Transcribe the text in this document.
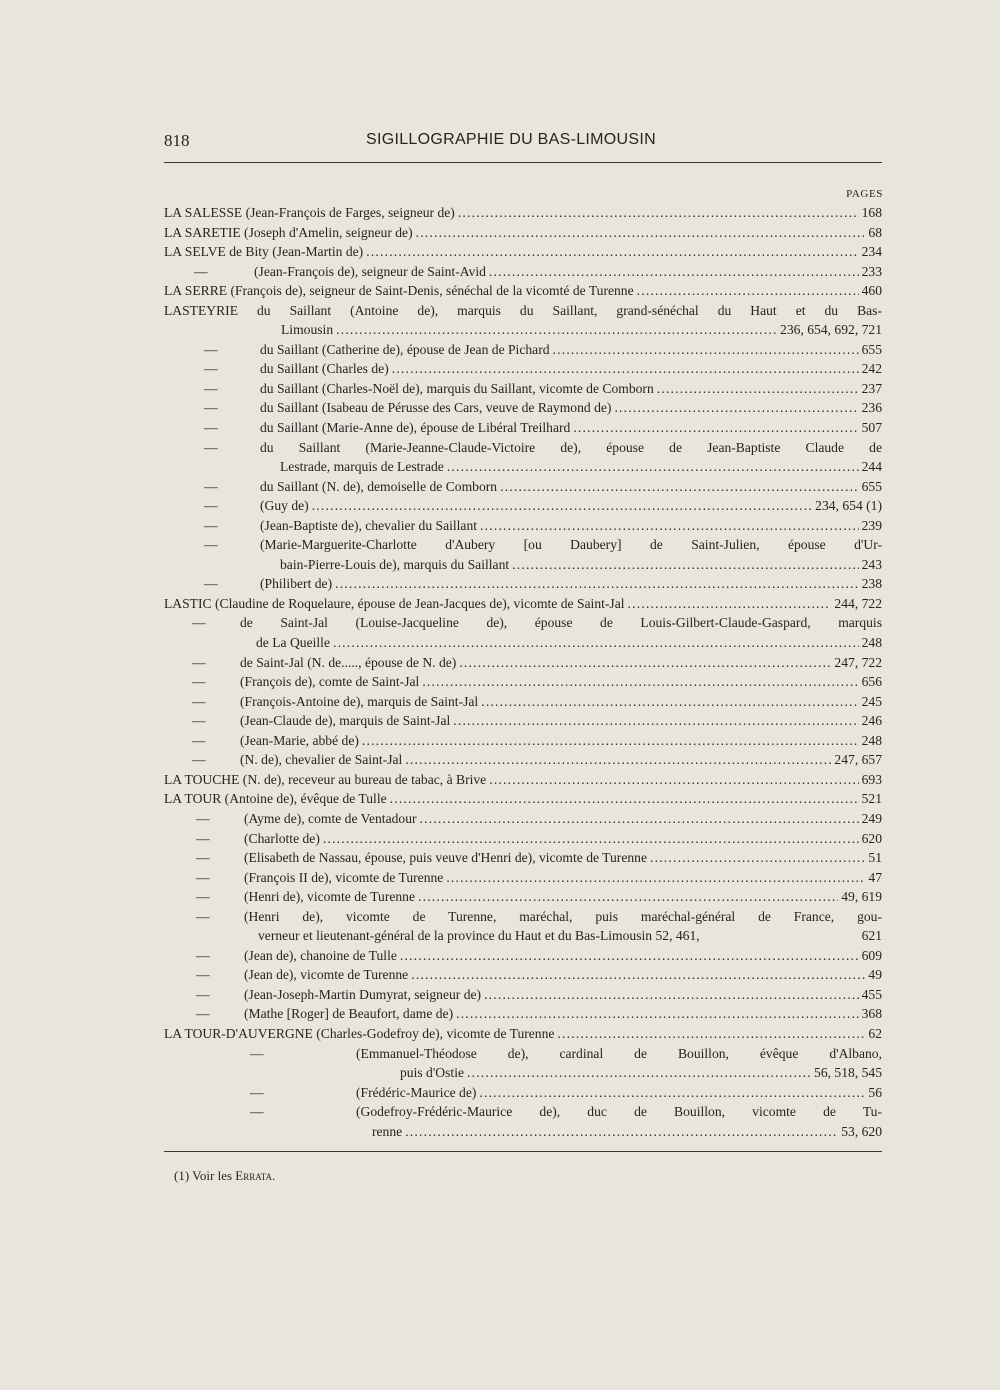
818	SIGILLOGRAPHIE DU BAS-LIMOUSIN
PAGES
LA SALESSE (Jean-François de Farges, seigneur de) .....	168
LA SARETIE (Joseph d'Amelin, seigneur de) .....	68
LA SELVE de Bity (Jean-Martin de) .....	234
—	(Jean-François de), seigneur de Saint-Avid .....	233
LA SERRE (François de), seigneur de Saint-Denis, sénéchal de la vicomté de Turenne .....	460
LASTEYRIE du Saillant (Antoine de), marquis du Saillant, grand-sénéchal du Haut et du Bas-
Limousin .....	236, 654, 692, 721
—	du Saillant (Catherine de), épouse de Jean de Pichard .....	655
—	du Saillant (Charles de) .....	242
—	du Saillant (Charles-Noël de), marquis du Saillant, vicomte de Comborn .....	237
—	du Saillant (Isabeau de Pérusse des Cars, veuve de Raymond de) .....	236
—	du Saillant (Marie-Anne de), épouse de Libéral Treilhard .....	507
—	du Saillant (Marie-Jeanne-Claude-Victoire de), épouse de Jean-Baptiste Claude de
Lestrade, marquis de Lestrade .....	244
—	du Saillant (N. de), demoiselle de Comborn .....	655
—	(Guy de) .....	234, 654 (1)
—	(Jean-Baptiste de), chevalier du Saillant .....	239
—	(Marie-Marguerite-Charlotte d'Aubery [ou Daubery] de Saint-Julien, épouse d'Ur-
bain-Pierre-Louis de), marquis du Saillant .....	243
—	(Philibert de) .....	238
LASTIC (Claudine de Roquelaure, épouse de Jean-Jacques de), vicomte de Saint-Jal .....	244, 722
—	de Saint-Jal (Louise-Jacqueline de), épouse de Louis-Gilbert-Claude-Gaspard, marquis
de La Queille .....	248
—	de Saint-Jal (N. de....., épouse de N. de) .....	247, 722
—	(François de), comte de Saint-Jal .....	656
—	(François-Antoine de), marquis de Saint-Jal .....	245
—	(Jean-Claude de), marquis de Saint-Jal .....	246
—	(Jean-Marie, abbé de) .....	248
—	(N. de), chevalier de Saint-Jal .....	247, 657
LA TOUCHE (N. de), receveur au bureau de tabac, à Brive .....	693
LA TOUR (Antoine de), évêque de Tulle .....	521
—	(Ayme de), comte de Ventadour .....	249
—	(Charlotte de) .....	620
—	(Elisabeth de Nassau, épouse, puis veuve d'Henri de), vicomte de Turenne .....	51
—	(François II de), vicomte de Turenne .....	47
—	(Henri de), vicomte de Turenne .....	49, 619
—	(Henri de), vicomte de Turenne, maréchal, puis maréchal-général de France, gou-
verneur et lieutenant-général de la province du Haut et du Bas-Limousin 52, 461,	621
—	(Jean de), chanoine de Tulle .....	609
—	(Jean de), vicomte de Turenne .....	49
—	(Jean-Joseph-Martin Dumyrat, seigneur de) .....	455
—	(Mathe [Roger] de Beaufort, dame de) .....	368
LA TOUR-D'AUVERGNE (Charles-Godefroy de), vicomte de Turenne .....	62
—	(Emmanuel-Théodose de), cardinal de Bouillon, évêque d'Albano,
puis d'Ostie .....	56, 518, 545
—	(Frédéric-Maurice de) .....	56
—	(Godefroy-Frédéric-Maurice de), duc de Bouillon, vicomte de Tu-
renne .....	53, 620
(1) Voir les Errata.
